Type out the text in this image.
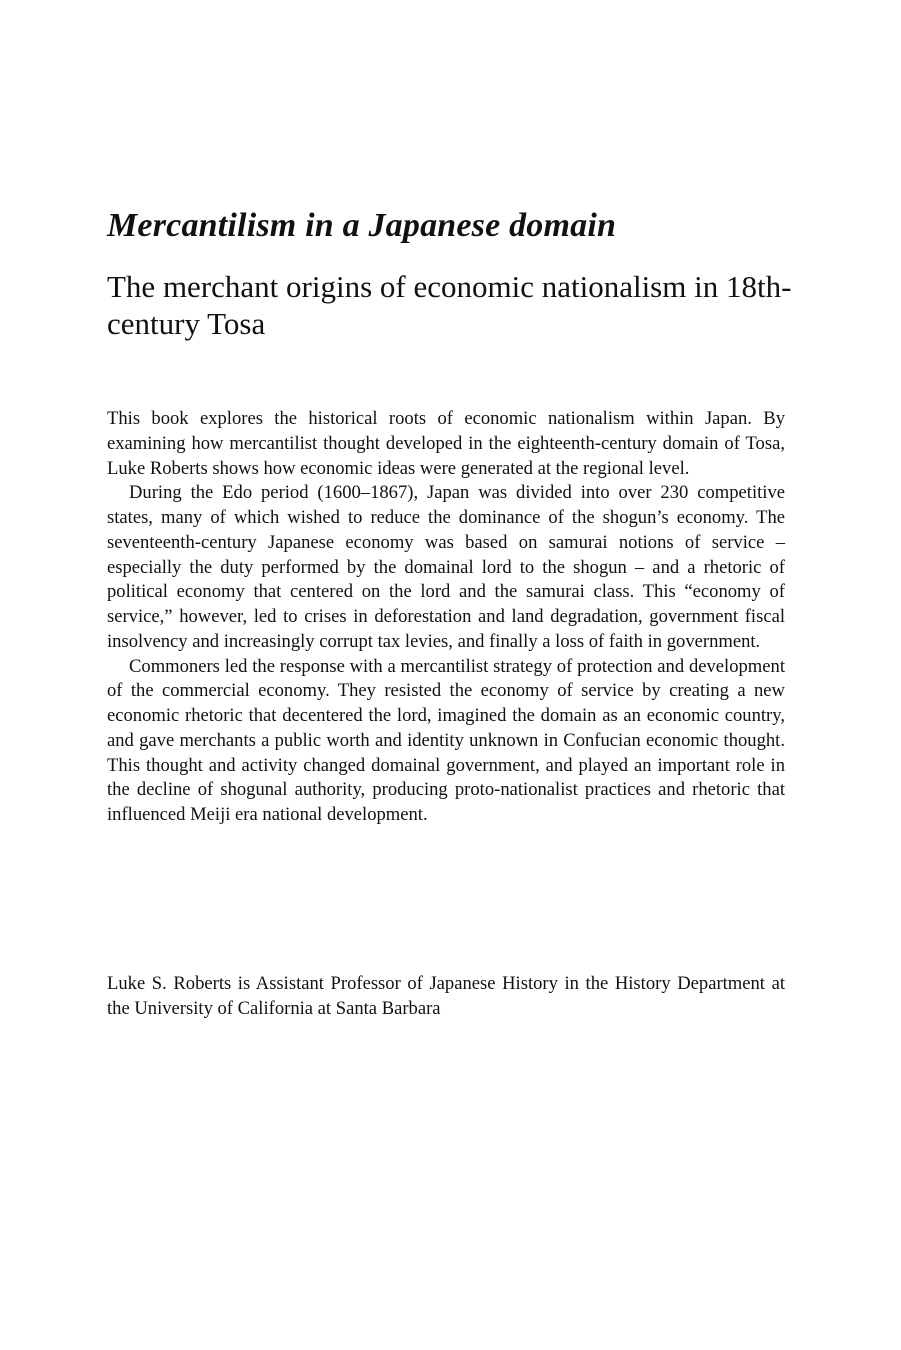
Mercantilism in a Japanese domain
The merchant origins of economic nationalism in 18th-century Tosa

This book explores the historical roots of economic nationalism within Japan. By examining how mercantilist thought developed in the eighteenth-century domain of Tosa, Luke Roberts shows how economic ideas were generated at the regional level.

During the Edo period (1600–1867), Japan was divided into over 230 competitive states, many of which wished to reduce the dominance of the shogun’s economy. The seventeenth-century Japanese economy was based on samurai notions of service – especially the duty performed by the domainal lord to the shogun – and a rhetoric of political economy that centered on the lord and the samurai class. This “economy of service,” however, led to crises in deforestation and land degradation, government fiscal insolvency and increasingly corrupt tax levies, and finally a loss of faith in government.

Commoners led the response with a mercantilist strategy of protection and development of the commercial economy. They resisted the economy of service by creating a new economic rhetoric that decentered the lord, imagined the domain as an economic country, and gave merchants a public worth and identity unknown in Confucian economic thought. This thought and activity changed domainal government, and played an important role in the decline of shogunal authority, producing proto-nationalist practices and rhetoric that influenced Meiji era national development.

Luke S. Roberts is Assistant Professor of Japanese History in the History Department at the University of California at Santa Barbara
